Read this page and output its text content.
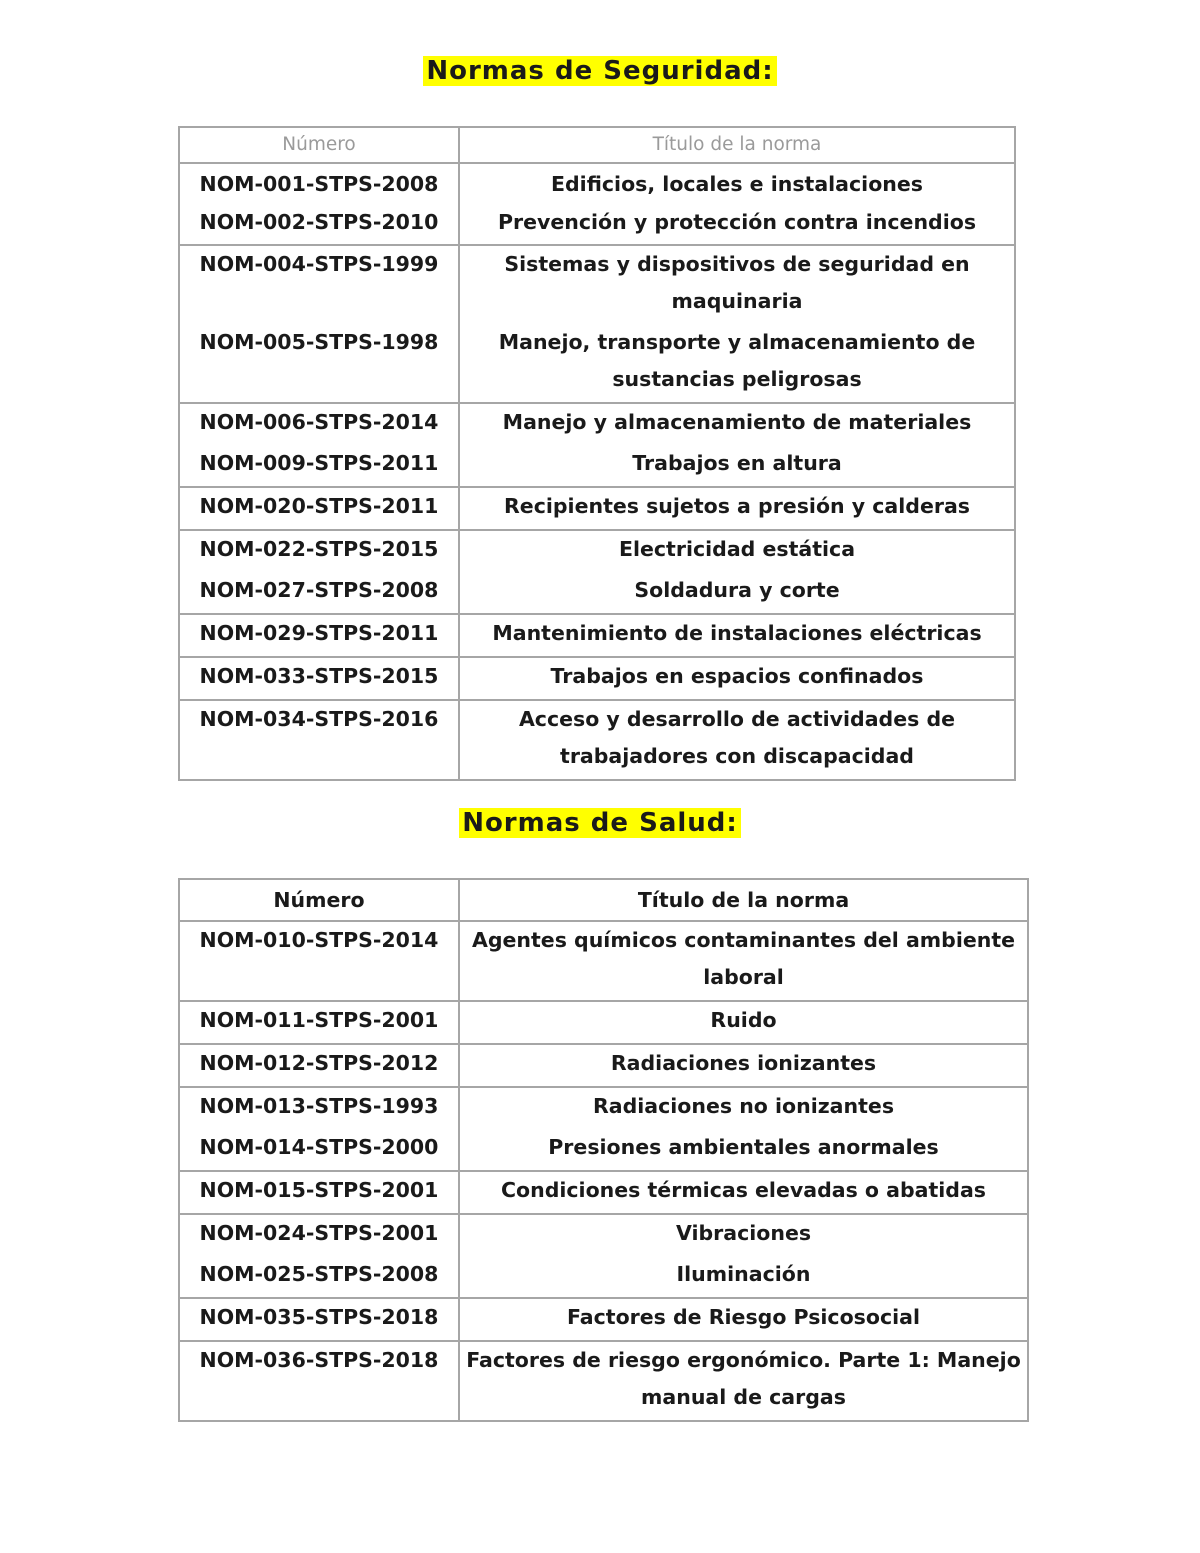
Normas de Seguridad:
Número	Título de la norma
NOM-001-STPS-2008	Edificios, locales e instalaciones
NOM-002-STPS-2010	Prevención y protección contra incendios
NOM-004-STPS-1999	Sistemas y dispositivos de seguridad en maquinaria
NOM-005-STPS-1998	Manejo, transporte y almacenamiento de sustancias peligrosas
NOM-006-STPS-2014	Manejo y almacenamiento de materiales
NOM-009-STPS-2011	Trabajos en altura
NOM-020-STPS-2011	Recipientes sujetos a presión y calderas
NOM-022-STPS-2015	Electricidad estática
NOM-027-STPS-2008	Soldadura y corte
NOM-029-STPS-2011	Mantenimiento de instalaciones eléctricas
NOM-033-STPS-2015	Trabajos en espacios confinados
NOM-034-STPS-2016	Acceso y desarrollo de actividades de trabajadores con discapacidad
Normas de Salud:
Número	Título de la norma
NOM-010-STPS-2014	Agentes químicos contaminantes del ambiente laboral
NOM-011-STPS-2001	Ruido
NOM-012-STPS-2012	Radiaciones ionizantes
NOM-013-STPS-1993	Radiaciones no ionizantes
NOM-014-STPS-2000	Presiones ambientales anormales
NOM-015-STPS-2001	Condiciones térmicas elevadas o abatidas
NOM-024-STPS-2001	Vibraciones
NOM-025-STPS-2008	Iluminación
NOM-035-STPS-2018	Factores de Riesgo Psicosocial
NOM-036-STPS-2018	Factores de riesgo ergonómico. Parte 1: Manejo manual de cargas
